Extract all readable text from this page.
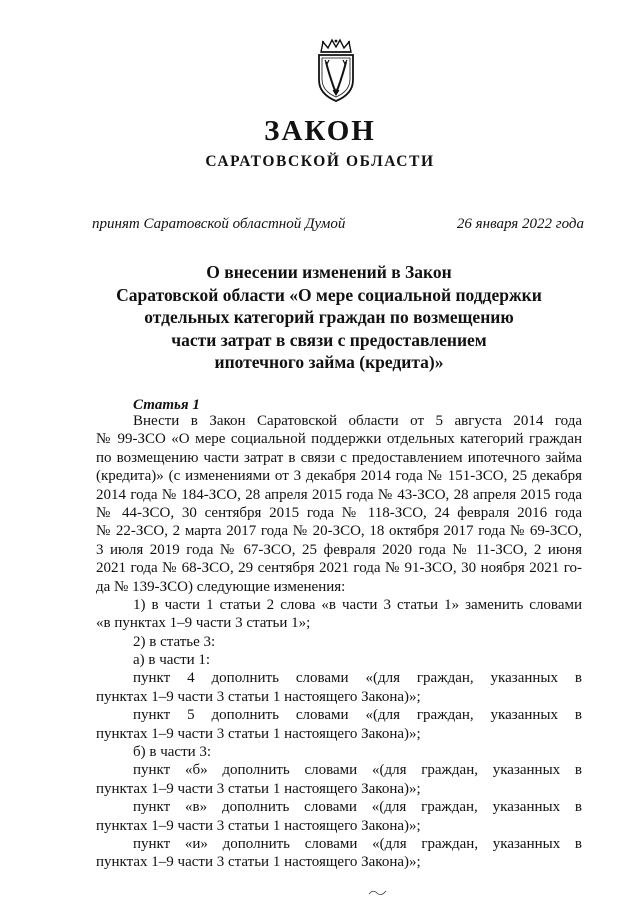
ЗАКОН
САРАТОВСКОЙ ОБЛАСТИ
принят Саратовской областной Думой	26 января 2022 года
О внесении изменений в Закон
Саратовской области «О мере социальной поддержки
отдельных категорий граждан по возмещению
части затрат в связи с предоставлением
ипотечного займа (кредита)»
Статья 1
Внести в Закон Саратовской области от 5 августа 2014 года
№ 99-ЗСО «О мере социальной поддержки отдельных категорий граждан
по возмещению части затрат в связи с предоставлением ипотечного займа
(кредита)» (с изменениями от 3 декабря 2014 года № 151-ЗСО, 25 декабря
2014 года № 184-ЗСО, 28 апреля 2015 года № 43-ЗСО, 28 апреля 2015 года
№ 44-ЗСО, 30 сентября 2015 года № 118-ЗСО, 24 февраля 2016 года
№ 22-ЗСО, 2 марта 2017 года № 20-ЗСО, 18 октября 2017 года № 69-ЗСО,
3 июля 2019 года № 67-ЗСО, 25 февраля 2020 года № 11-ЗСО, 2 июня
2021 года № 68-ЗСО, 29 сентября 2021 года № 91-ЗСО, 30 ноября 2021 го-
да № 139-ЗСО) следующие изменения:
1) в части 1 статьи 2 слова «в части 3 статьи 1» заменить словами
«в пунктах 1–9 части 3 статьи 1»;
2) в статье 3:
а) в части 1:
пункт 4 дополнить словами «(для граждан, указанных в
пунктах 1–9 части 3 статьи 1 настоящего Закона)»;
пункт 5 дополнить словами «(для граждан, указанных в
пунктах 1–9 части 3 статьи 1 настоящего Закона)»;
б) в части 3:
пункт «б» дополнить словами «(для граждан, указанных в
пунктах 1–9 части 3 статьи 1 настоящего Закона)»;
пункт «в» дополнить словами «(для граждан, указанных в
пунктах 1–9 части 3 статьи 1 настоящего Закона)»;
пункт «и» дополнить словами «(для граждан, указанных в
пунктах 1–9 части 3 статьи 1 настоящего Закона)»;
